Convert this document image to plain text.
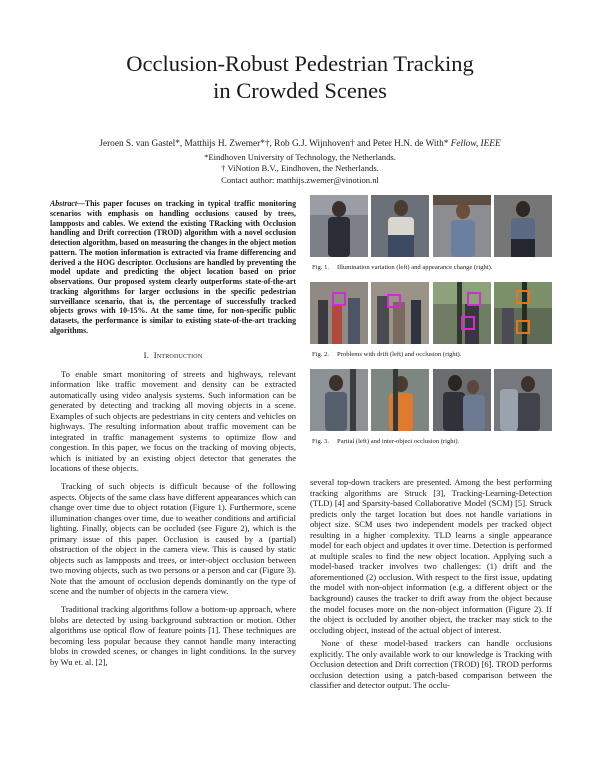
Occlusion-Robust Pedestrian Tracking
in Crowded Scenes
Jeroen S. van Gastel*, Matthijs H. Zwemer*†, Rob G.J. Wijnhoven† and Peter H.N. de With* Fellow, IEEE
*Eindhoven University of Technology, the Netherlands.
† ViNotion B.V., Eindhoven, the Netherlands.
Contact author: matthijs.zwemer@vinotion.nl

Abstract—This paper focuses on tracking in typical traffic monitoring scenarios with emphasis on handling occlusions caused by trees, lampposts and cables. We extend the existing TRacking with Occlusion handling and Drift correction (TROD) algorithm with a novel occlusion detection algorithm, based on measuring the changes in the object motion pattern. The motion information is extracted via frame differencing and derived a the HOG descriptor. Occlusions are handled by preventing the model update and predicting the object location based on prior observations. Our proposed system clearly outperforms state-of-the-art tracking algorithms for larger occlusions in the specific pedestrian surveillance scenario, that is, the percentage of successfully tracked objects grows with 10-15%. At the same time, for non-specific public datasets, the performance is similar to existing state-of-the-art tracking algorithms.

I. Introduction

To enable smart monitoring of streets and highways, relevant information like traffic movement and density can be extracted automatically using video analysis systems. Such information can be generated by detecting and tracking all moving objects in a scene. Examples of such objects are pedestrians in city centers and vehicles on highways. The resulting information about traffic movement can be integrated in traffic management systems to optimize flow and congestion. In this paper, we focus on the tracking of moving objects, which is initiated by an existing object detector that generates the locations of these objects.

Tracking of such objects is difficult because of the following aspects. Objects of the same class have different appearances which can change over time due to object rotation (Figure 1). Furthermore, scene illumination changes over time, due to weather conditions and artificial lighting. Finally, objects can be occluded (see Figure 2), which is the primary issue of this paper. Occlusion is caused by a (partial) obstruction of the object in the camera view. This is caused by static objects such as lampposts and trees, or inter-object occlusion between two moving objects, such as two persons or a person and car (Figure 3). Note that the amount of occlusion depends dominantly on the type of scene and the number of objects in the camera view.

Traditional tracking algorithms follow a bottom-up approach, where blobs are detected by using background subtraction or motion. Other algorithms use optical flow of feature points [1]. These techniques are becoming less popular because they cannot handle many interacting blobs in crowded scenes, or changes in light conditions. In the survey by Wu et. al. [2],

Fig. 1. Illumination variation (left) and appearance change (right).
Fig. 2. Problems with drift (left) and occlusion (right).
Fig. 3. Partial (left) and inter-object occlusion (right).

several top-down trackers are presented. Among the best performing tracking algorithms are Struck [3], Tracking-Learning-Detection (TLD) [4] and Sparsity-based Collaborative Model (SCM) [5]. Struck predicts only the target location but does not handle variations in object size. SCM uses two independent models per tracked object resulting in a higher complexity. TLD learns a single appearance model for each object and updates it over time. Detection is performed at multiple scales to find the new object location. Applying such a model-based tracker involves two challenges: (1) drift and the aforementioned (2) occlusion. With respect to the first issue, updating the model with non-object information (e.g. a different object or the background) causes the tracker to drift away from the object because the model focuses more on the non-object information (Figure 2). If the object is occluded by another object, the tracker may stick to the occluding object, instead of the actual object of interest.

None of these model-based trackers can handle occlusions explicitly. The only available work to our knowledge is Tracking with Occlusion detection and Drift correction (TROD) [6]. TROD performs occlusion detection using a patch-based comparison between the classifier and detector output. The occlu-
